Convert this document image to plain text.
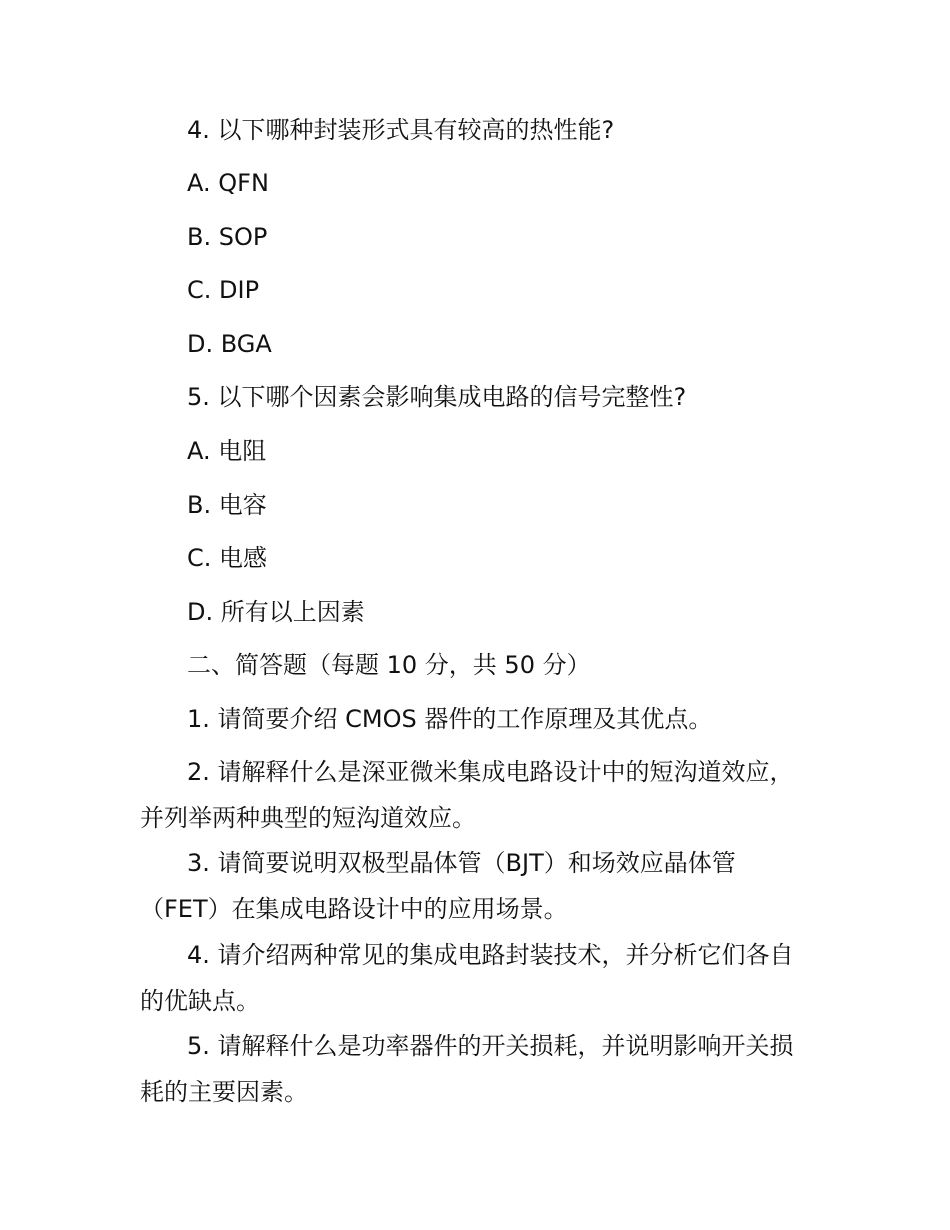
4. 以下哪种封装形式具有较高的热性能?
A. QFN
B. SOP
C. DIP
D. BGA
5. 以下哪个因素会影响集成电路的信号完整性?
A. 电阻
B. 电容
C. 电感
D. 所有以上因素
二、简答题（每题 10 分，共 50 分）
1. 请简要介绍 CMOS 器件的工作原理及其优点。
2. 请解释什么是深亚微米集成电路设计中的短沟道效应，
并列举两种典型的短沟道效应。
3. 请简要说明双极型晶体管（BJT）和场效应晶体管
（FET）在集成电路设计中的应用场景。
4. 请介绍两种常见的集成电路封装技术，并分析它们各自
的优缺点。
5. 请解释什么是功率器件的开关损耗，并说明影响开关损
耗的主要因素。
